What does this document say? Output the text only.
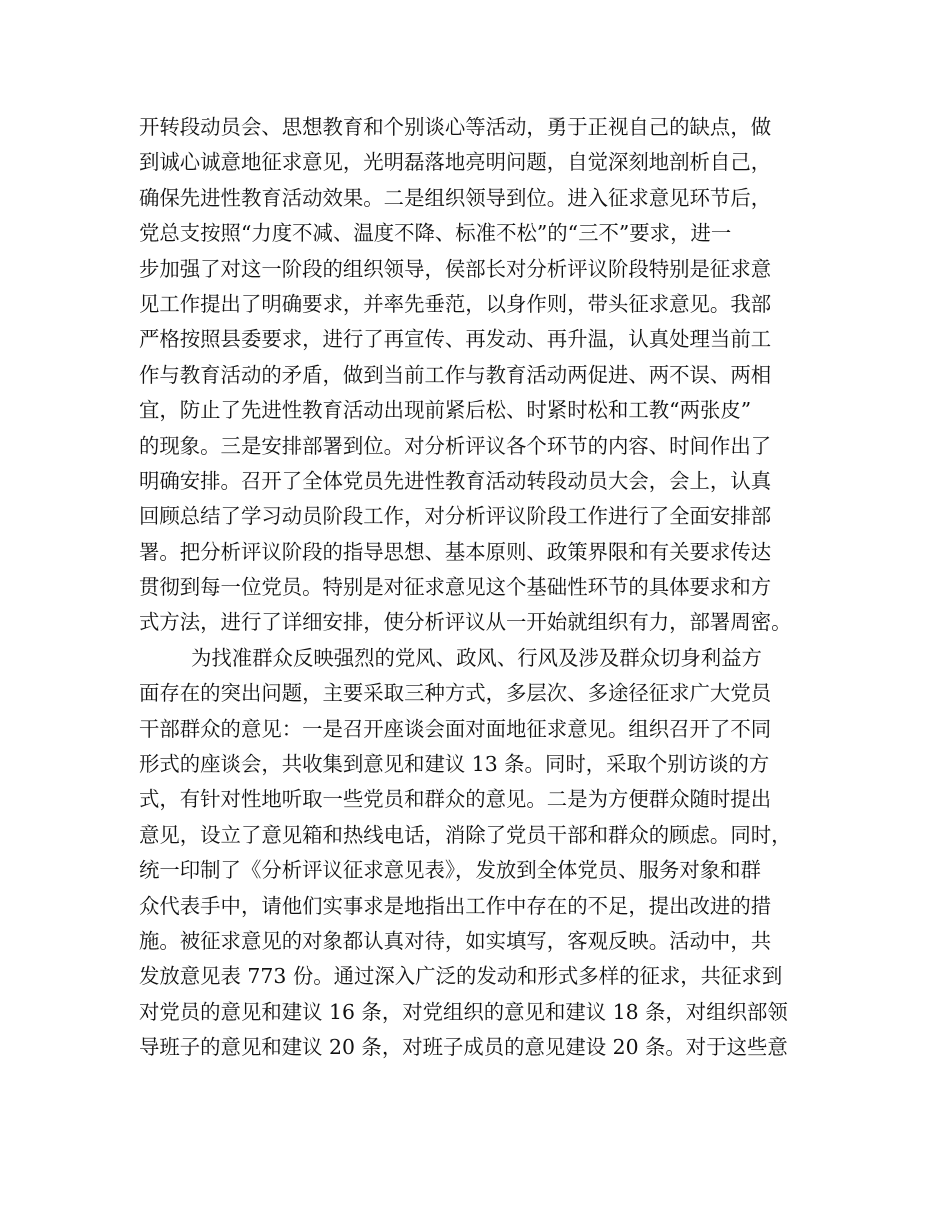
开转段动员会、思想教育和个别谈心等活动，勇于正视自己的缺点，做
到诚心诚意地征求意见，光明磊落地亮明问题，自觉深刻地剖析自己，
确保先进性教育活动效果。二是组织领导到位。进入征求意见环节后，
党总支按照“力度不减、温度不降、标准不松”的“三不”要求，进一
步加强了对这一阶段的组织领导，侯部长对分析评议阶段特别是征求意
见工作提出了明确要求，并率先垂范，以身作则，带头征求意见。我部
严格按照县委要求，进行了再宣传、再发动、再升温，认真处理当前工
作与教育活动的矛盾，做到当前工作与教育活动两促进、两不误、两相
宜，防止了先进性教育活动出现前紧后松、时紧时松和工教“两张皮”
的现象。三是安排部署到位。对分析评议各个环节的内容、时间作出了
明确安排。召开了全体党员先进性教育活动转段动员大会，会上，认真
回顾总结了学习动员阶段工作，对分析评议阶段工作进行了全面安排部
署。把分析评议阶段的指导思想、基本原则、政策界限和有关要求传达
贯彻到每一位党员。特别是对征求意见这个基础性环节的具体要求和方
式方法，进行了详细安排，使分析评议从一开始就组织有力，部署周密。
为找准群众反映强烈的党风、政风、行风及涉及群众切身利益方
面存在的突出问题，主要采取三种方式，多层次、多途径征求广大党员
干部群众的意见：一是召开座谈会面对面地征求意见。组织召开了不同
形式的座谈会，共收集到意见和建议 13 条。同时，采取个别访谈的方
式，有针对性地听取一些党员和群众的意见。二是为方便群众随时提出
意见，设立了意见箱和热线电话，消除了党员干部和群众的顾虑。同时，
统一印制了《分析评议征求意见表》，发放到全体党员、服务对象和群
众代表手中，请他们实事求是地指出工作中存在的不足，提出改进的措
施。被征求意见的对象都认真对待，如实填写，客观反映。活动中，共
发放意见表 773 份。通过深入广泛的发动和形式多样的征求，共征求到
对党员的意见和建议 16 条，对党组织的意见和建议 18 条，对组织部领
导班子的意见和建议 20 条，对班子成员的意见建设 20 条。对于这些意
